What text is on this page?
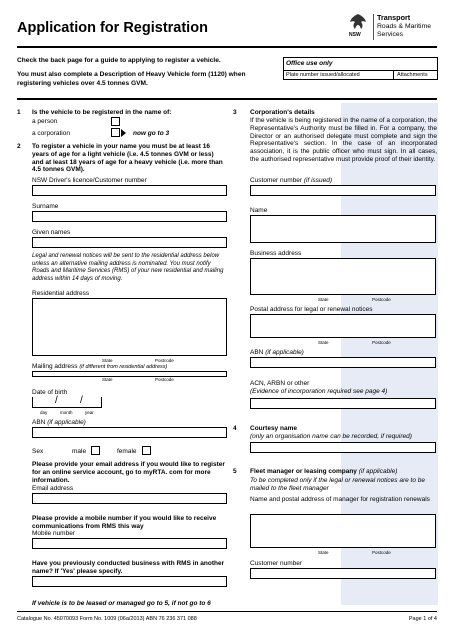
Application for Registration	NSW
Transport
Roads & Maritime
Services
Check the back page for a guide to applying to register a vehicle.
You must also complete a Description of Heavy Vehicle form (1120) when registering vehicles over 4.5 tonnes GVM.
Office use only
Plate number issued/allocated	Attachments
1 Is the vehicle to be registered in the name of:
a person
a corporation	now go to 3
2 To register a vehicle in your name you must be at least 16 years of age for a light vehicle (i.e. 4.5 tonnes GVM or less) and at least 18 years of age for a heavy vehicle (i.e. more than 4.5 tonnes GVM).
NSW Driver's licence/Customer number
Surname
Given names
Legal and renewal notices will be sent to the residential address below unless an alternative mailing address is nominated. You must notify Roads and Maritime Services (RMS) of your new residential and mailing address within 14 days of moving.
Residential address
State	Postcode
Mailing address (if different from residential address)
State	Postcode
Date of birth
/ /
day	month	year
ABN (if applicable)
Sex	male	female
Please provide your email address if you would like to register for an online service account, go to myRTA. com for more information.
Email address
Please provide a mobile number if you would like to receive communications from RMS this way
Mobile number
Have you previously conducted business with RMS in another name? If 'Yes' please specify.
If vehicle is to be leased or managed go to 5, if not go to 6
3 Corporation's details
If the vehicle is being registered in the name of a corporation, the Representative's Authority must be filled in. For a company, the Director or an authorised delegate must complete and sign the Representative's section. In the case of an incorporated association, it is the public officer who must sign. In all cases, the authorised representative must provide proof of their identity.
Customer number (if issued)
Name
Business address
State	Postcode
Postal address for legal or renewal notices
State	Postcode
ABN (if applicable)
ACN, ARBN or other
(Evidence of incorporation required see page 4)
4 Courtesy name
(only an organisation name can be recorded, if required)
5 Fleet manager or leasing company (if applicable)
To be completed only if the legal or renewal notices are to be mailed to the fleet manager
Name and postal address of manager for registration renewals
State	Postcode
Customer number
Catalogue No. 45070093 Form No. 1009 (06a/2013) ABN 76 236 371 088	Page 1 of 4
